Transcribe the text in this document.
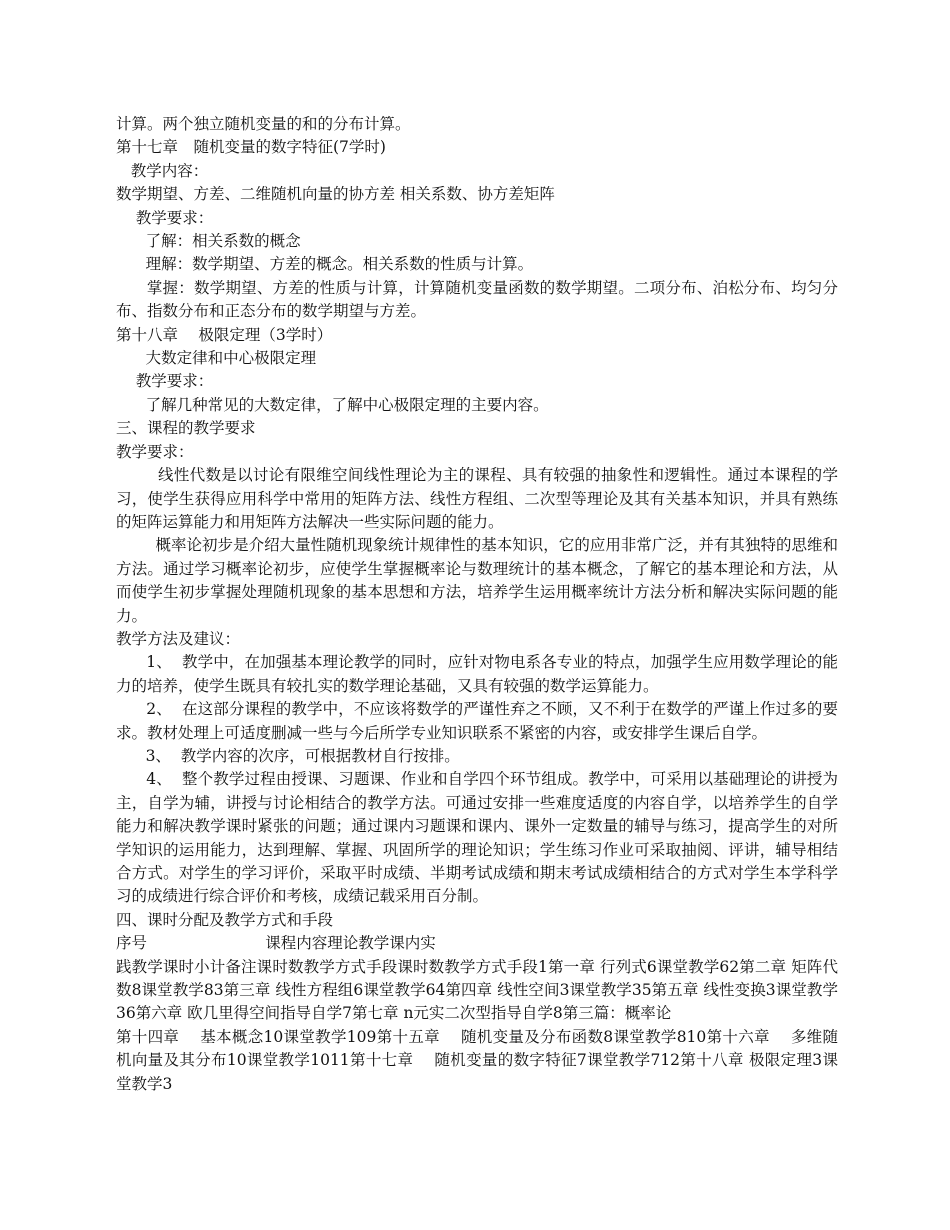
计算。两个独立随机变量的和的分布计算。

第十七章　随机变量的数字特征(7学时)

教学内容：

数学期望、方差、二维随机向量的协方差 相关系数、协方差矩阵

教学要求：

了解：相关系数的概念

理解：数学期望、方差的概念。相关系数的性质与计算。

掌握：数学期望、方差的性质与计算，计算随机变量函数的数学期望。二项分布、泊松分布、均匀分布、指数分布和正态分布的数学期望与方差。

第十八章　 极限定理（3学时）

大数定律和中心极限定理

教学要求：

了解几种常见的大数定律，了解中心极限定理的主要内容。

三、课程的教学要求

教学要求：

线性代数是以讨论有限维空间线性理论为主的课程、具有较强的抽象性和逻辑性。通过本课程的学习，使学生获得应用科学中常用的矩阵方法、线性方程组、二次型等理论及其有关基本知识，并具有熟练的矩阵运算能力和用矩阵方法解决一些实际问题的能力。

概率论初步是介绍大量性随机现象统计规律性的基本知识，它的应用非常广泛，并有其独特的思维和方法。通过学习概率论初步，应使学生掌握概率论与数理统计的基本概念，了解它的基本理论和方法，从而使学生初步掌握处理随机现象的基本思想和方法，培养学生运用概率统计方法分析和解决实际问题的能力。

教学方法及建议：

1、  教学中，在加强基本理论教学的同时，应针对物电系各专业的特点，加强学生应用数学理论的能力的培养，使学生既具有较扎实的数学理论基础，又具有较强的数学运算能力。

2、  在这部分课程的教学中，不应该将数学的严谨性弃之不顾，又不利于在数学的严谨上作过多的要求。教材处理上可适度删减一些与今后所学专业知识联系不紧密的内容，或安排学生课后自学。

3、  教学内容的次序，可根据教材自行按排。

4、  整个教学过程由授课、习题课、作业和自学四个环节组成。教学中，可采用以基础理论的讲授为主，自学为辅，讲授与讨论相结合的教学方法。可通过安排一些难度适度的内容自学，以培养学生的自学能力和解决教学课时紧张的问题；通过课内习题课和课内、课外一定数量的辅导与练习，提高学生的对所学知识的运用能力，达到理解、掌握、巩固所学的理论知识；学生练习作业可采取抽阅、评讲，辅导相结合方式。对学生的学习评价，采取平时成绩、半期考试成绩和期末考试成绩相结合的方式对学生本学科学习的成绩进行综合评价和考核，成绩记载采用百分制。

四、课时分配及教学方式和手段

序号                        课程内容理论教学课内实

践教学课时小计备注课时数教学方式手段课时数教学方式手段1第一章 行列式6课堂教学62第二章 矩阵代数8课堂教学83第三章 线性方程组6课堂教学64第四章 线性空间3课堂教学35第五章 线性变换3课堂教学36第六章 欧几里得空间指导自学7第七章 n元实二次型指导自学8第三篇：概率论

第十四章　 基本概念10课堂教学109第十五章　 随机变量及分布函数8课堂教学810第十六章　 多维随机向量及其分布10课堂教学1011第十七章　 随机变量的数字特征7课堂教学712第十八章 极限定理3课堂教学3
